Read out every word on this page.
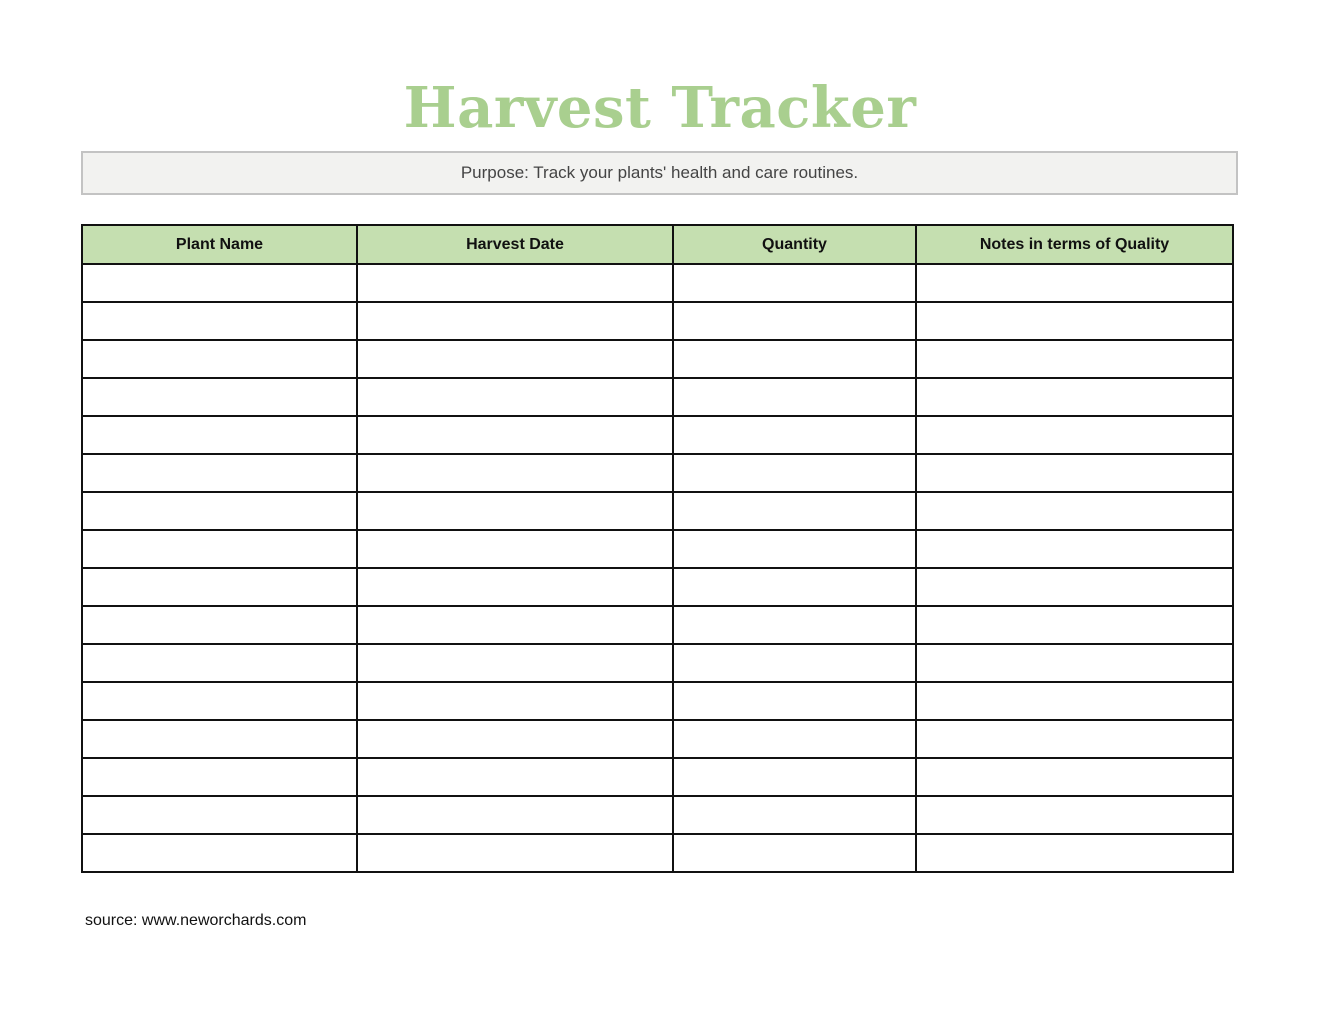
Harvest Tracker
Purpose: Track your plants' health and care routines.
Plant Name	Harvest Date	Quantity	Notes in terms of Quality

source: www.neworchards.com
